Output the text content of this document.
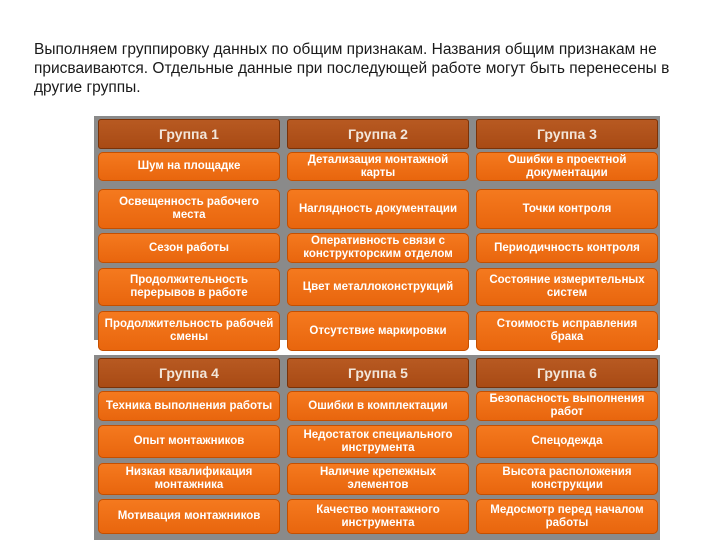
Выполняем группировку данных по общим признакам. Названия общим признакам не присваиваются. Отдельные данные при последующей работе могут быть перенесены в другие группы.
Группа 1
Шум на площадке
Освещенность рабочего места
Сезон работы
Продолжительность перерывов в работе
Продолжительность рабочей смены
Группа 2
Детализация монтажной карты
Наглядность документации
Оперативность связи с конструкторским отделом
Цвет металлоконструкций
Отсутствие маркировки
Группа 3
Ошибки в проектной документации
Точки контроля
Периодичность контроля
Состояние измерительных систем
Стоимость исправления брака
Группа 4
Техника выполнения работы
Опыт монтажников
Низкая квалификация монтажника
Мотивация монтажников
Группа 5
Ошибки в комплектации
Недостаток специального инструмента
Наличие крепежных элементов
Качество монтажного инструмента
Группа 6
Безопасность выполнения работ
Спецодежда
Высота расположения конструкции
Медосмотр перед началом работы
